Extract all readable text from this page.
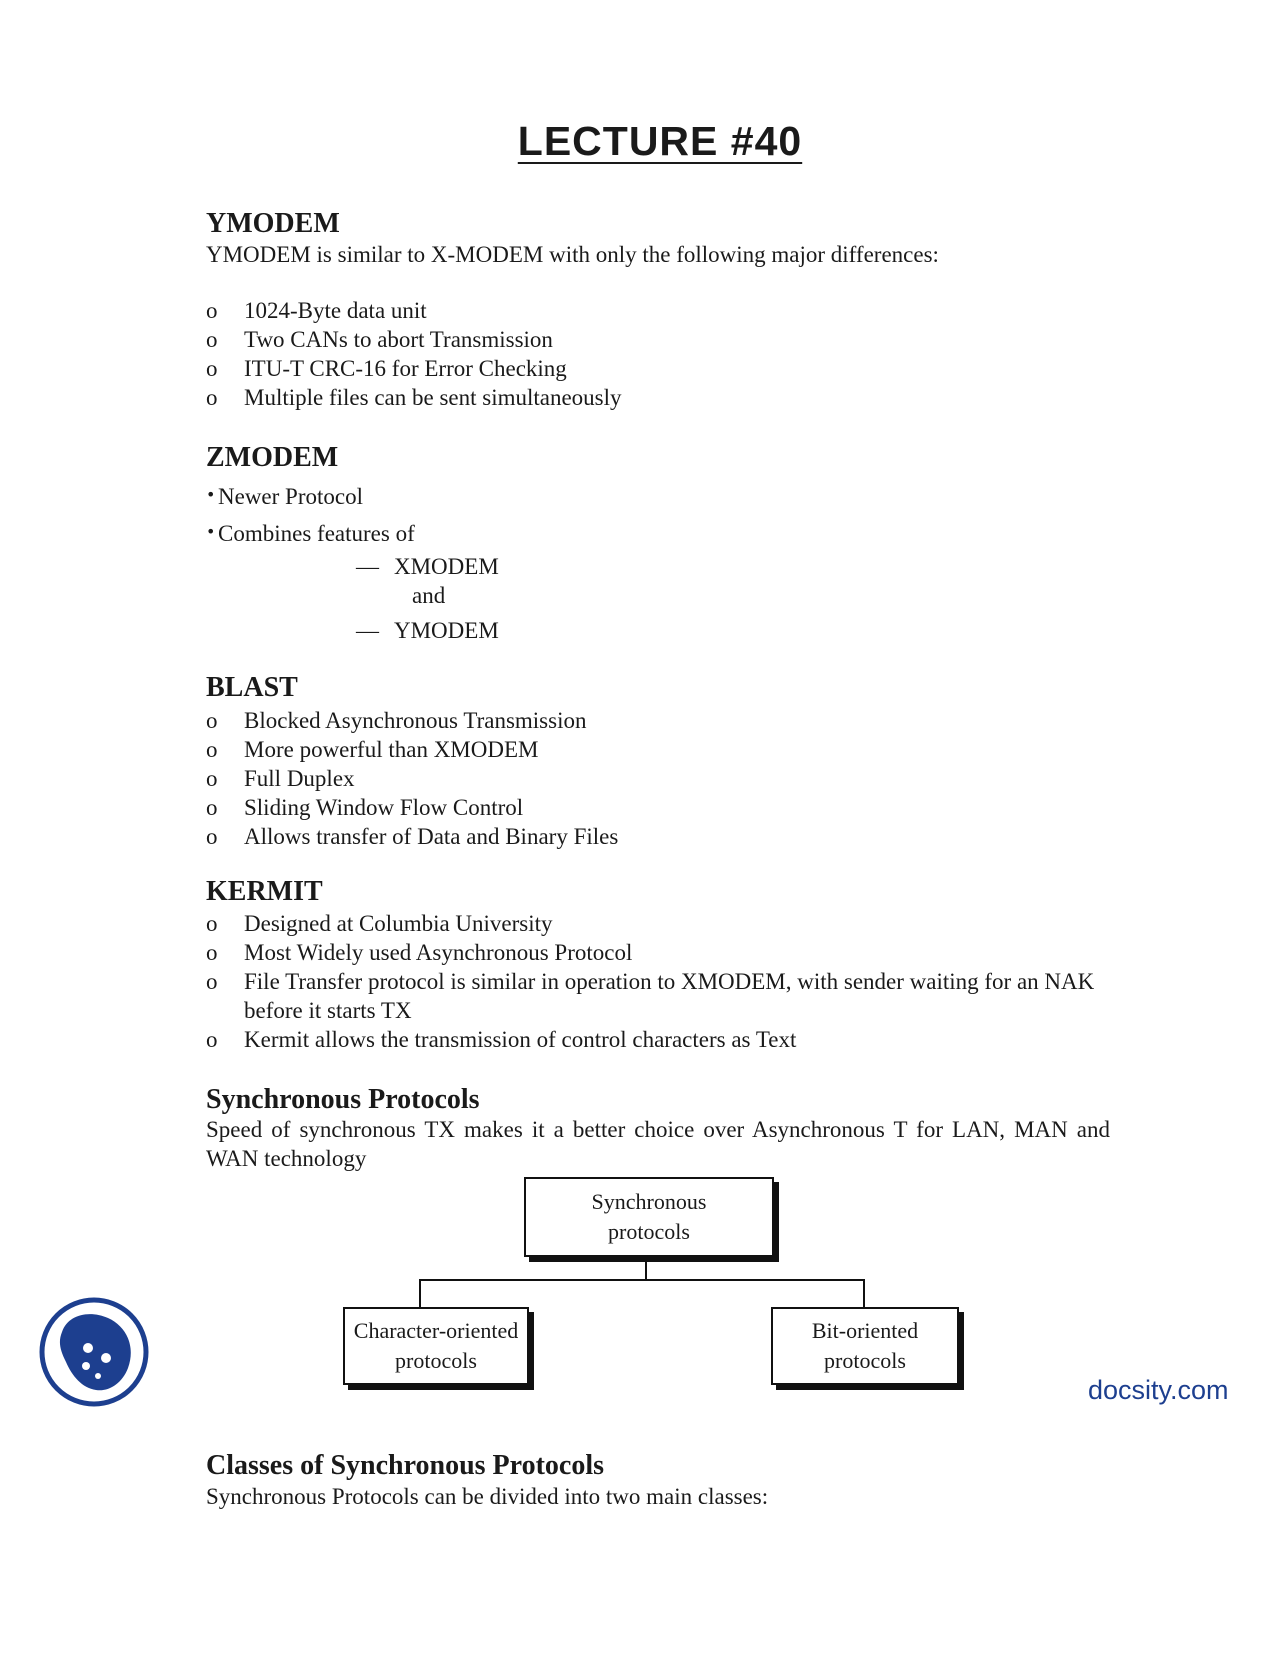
LECTURE #40
YMODEM
YMODEM is similar to X-MODEM with only the following major differences:
o	1024-Byte data unit
o	Two CANs to abort Transmission
o	ITU-T CRC-16 for Error Checking
o	Multiple files can be sent simultaneously
ZMODEM
• Newer Protocol
• Combines features of
— XMODEM
and
— YMODEM
BLAST
o	Blocked Asynchronous Transmission
o	More powerful than XMODEM
o	Full Duplex
o	Sliding Window Flow Control
o	Allows transfer of Data and Binary Files
KERMIT
o	Designed at Columbia University
o	Most Widely used Asynchronous Protocol
o	File Transfer protocol is similar in operation to XMODEM, with sender waiting for an NAK before it starts TX
o	Kermit allows the transmission of control characters as Text
Synchronous Protocols
Speed of synchronous TX makes it a better choice over Asynchronous T for LAN, MAN and WAN technology
Synchronous
protocols
Character-oriented
protocols
Bit-oriented
protocols
Classes of Synchronous Protocols
Synchronous Protocols can be divided into two main classes:
docsity.com
